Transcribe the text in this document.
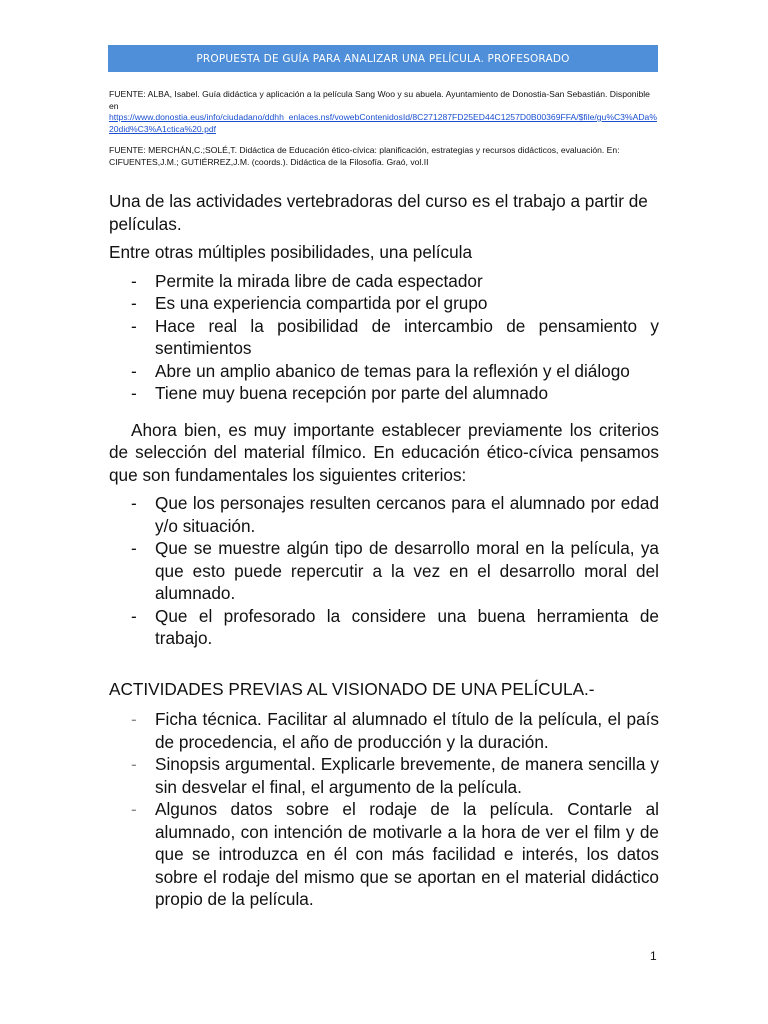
PROPUESTA DE GUÍA PARA ANALIZAR UNA PELÍCULA. PROFESORADO

FUENTE: ALBA, Isabel. Guía didáctica y aplicación a la película Sang Woo y su abuela. Ayuntamiento de Donostia-San Sebastián. Disponible en
https://www.donostia.eus/info/ciudadano/ddhh_enlaces.nsf/vowebContenidosId/8C271287FD25ED44C1257D0B00369FFA/$file/gu%C3%ADa%20did%C3%A1ctica%20.pdf

FUENTE: MERCHÁN,C.;SOLÉ,T. Didáctica de Educación ético-cívica: planificación, estrategias y recursos didácticos, evaluación. En: CIFUENTES,J.M.; GUTIÉRREZ,J.M. (coords.). Didáctica de la Filosofía. Graó, vol.II

Una de las actividades vertebradoras del curso es el trabajo a partir de películas.

Entre otras múltiples posibilidades, una película

- Permite la mirada libre de cada espectador
- Es una experiencia compartida por el grupo
- Hace real la posibilidad de intercambio de pensamiento y sentimientos
- Abre un amplio abanico de temas para la reflexión y el diálogo
- Tiene muy buena recepción por parte del alumnado

Ahora bien, es muy importante establecer previamente los criterios de selección del material fílmico. En educación ético-cívica pensamos que son fundamentales los siguientes criterios:

- Que los personajes resulten cercanos para el alumnado por edad y/o situación.
- Que se muestre algún tipo de desarrollo moral en la película, ya que esto puede repercutir a la vez en el desarrollo moral del alumnado.
- Que el profesorado la considere una buena herramienta de trabajo.

ACTIVIDADES PREVIAS AL VISIONADO DE UNA PELÍCULA.-

- Ficha técnica. Facilitar al alumnado el título de la película, el país de procedencia, el año de producción y la duración.
- Sinopsis argumental. Explicarle brevemente, de manera sencilla y sin desvelar el final, el argumento de la película.
- Algunos datos sobre el rodaje de la película. Contarle al alumnado, con intención de motivarle a la hora de ver el film y de que se introduzca en él con más facilidad e interés, los datos sobre el rodaje del mismo que se aportan en el material didáctico propio de la película.
1
